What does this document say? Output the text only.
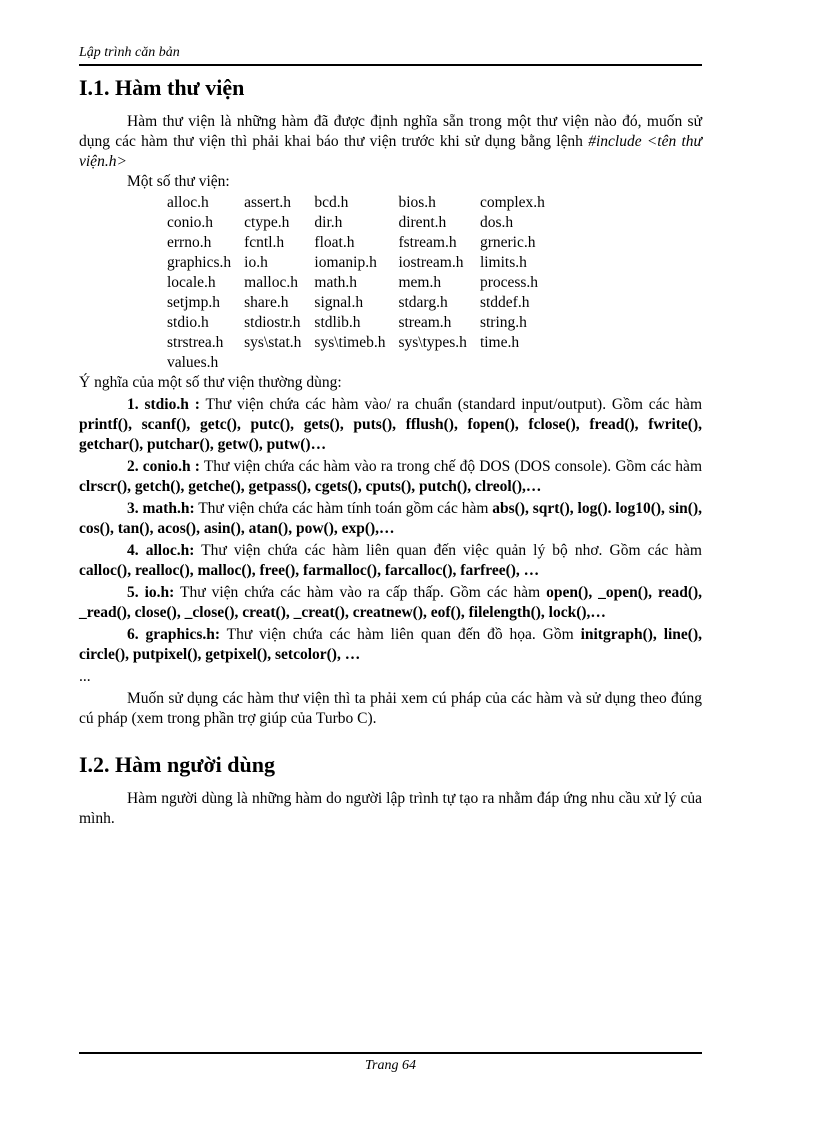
Lập trình căn bản
I.1. Hàm thư viện

Hàm thư viện là những hàm đã được định nghĩa sẵn trong một thư viện nào đó, muốn sử dụng các hàm thư viện thì phải khai báo thư viện trước khi sử dụng bằng lệnh #include <tên thư viện.h>

Một số thư viện:

alloc.h	assert.h	bcd.h	bios.h	complex.h
conio.h	ctype.h	dir.h	dirent.h	dos.h
errno.h	fcntl.h	float.h	fstream.h	grneric.h
graphics.h	io.h	iomanip.h	iostream.h	limits.h
locale.h	malloc.h	math.h	mem.h	process.h
setjmp.h	share.h	signal.h	stdarg.h	stddef.h
stdio.h	stdiostr.h	stdlib.h	stream.h	string.h
strstrea.h	sys\stat.h	sys\timeb.h	sys\types.h	time.h
values.h				

Ý nghĩa của một số thư viện thường dùng:

1. stdio.h : Thư viện chứa các hàm vào/ ra chuẩn (standard input/output). Gồm các hàm printf(), scanf(), getc(), putc(), gets(), puts(), fflush(), fopen(), fclose(), fread(), fwrite(), getchar(), putchar(), getw(), putw()…

2. conio.h : Thư viện chứa các hàm vào ra trong chế độ DOS (DOS console). Gồm các hàm clrscr(), getch(), getche(), getpass(), cgets(), cputs(), putch(), clreol(),…

3. math.h: Thư viện chứa các hàm tính toán gồm các hàm abs(), sqrt(), log(). log10(), sin(), cos(), tan(), acos(), asin(), atan(), pow(), exp(),…

4. alloc.h: Thư viện chứa các hàm liên quan đến việc quản lý bộ nhơ. Gồm các hàm calloc(), realloc(), malloc(), free(), farmalloc(), farcalloc(), farfree(), …

5. io.h: Thư viện chứa các hàm vào ra cấp thấp. Gồm các hàm open(), _open(), read(), _read(), close(), _close(), creat(), _creat(), creatnew(), eof(), filelength(), lock(),…

6. graphics.h: Thư viện chứa các hàm liên quan đến đồ họa. Gồm initgraph(), line(), circle(), putpixel(), getpixel(), setcolor(), …

...

Muốn sử dụng các hàm thư viện thì ta phải xem cú pháp của các hàm và sử dụng theo đúng cú pháp (xem trong phần trợ giúp của Turbo C).

I.2. Hàm người dùng

Hàm người dùng là những hàm do người lập trình tự tạo ra nhằm đáp ứng nhu cầu xử lý của mình.

Trang 64
